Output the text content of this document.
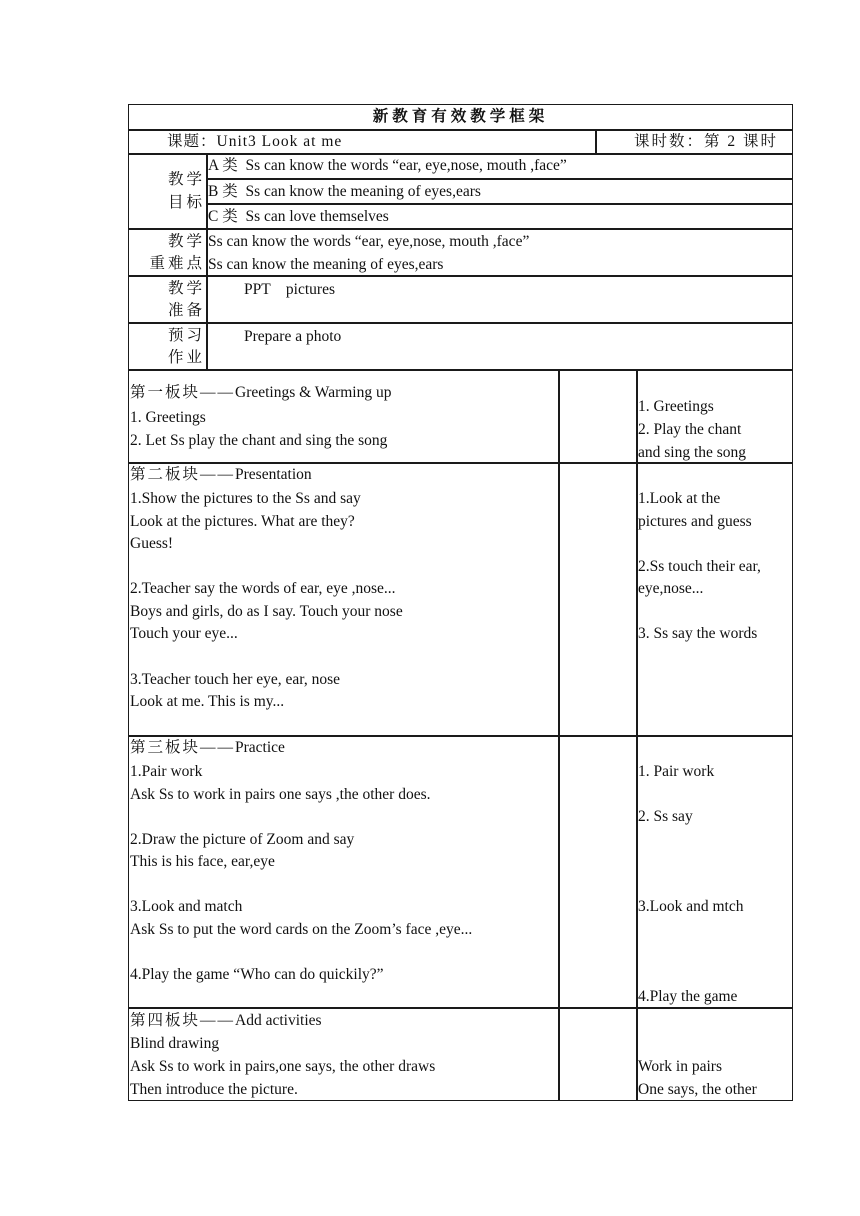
新教育有效教学框架
课题：Unit3 Look at me	课时数：第 2 课时
教学
目标
A 类  Ss can know the words “ear, eye,nose, mouth ,face”
B 类  Ss can know the meaning of eyes,ears
C 类  Ss can love themselves
教学
重难点
Ss can know the words “ear, eye,nose, mouth ,face”
Ss can know the meaning of eyes,ears
教学
准备
PPT    pictures
预习
作业
Prepare a photo
第一板块——Greetings & Warming up
1. Greetings
2. Let Ss play the chant and sing the song
1. Greetings
2. Play the chant
and sing the song
第二板块——Presentation
1.Show the pictures to the Ss and say
Look at the pictures. What are they?
Guess!
2.Teacher say the words of ear, eye ,nose...
Boys and girls, do as I say. Touch your nose
Touch your eye...
3.Teacher touch her eye, ear, nose
Look at me. This is my...
1.Look at the
pictures and guess
2.Ss touch their ear,
eye,nose...
3. Ss say the words
第三板块——Practice
1.Pair work
Ask Ss to work in pairs one says ,the other does.
2.Draw the picture of Zoom and say
This is his face, ear,eye
3.Look and match
Ask Ss to put the word cards on the Zoom’s face ,eye...
4.Play the game “Who can do quickily?”
1. Pair work
2. Ss say
3.Look and mtch
4.Play the game
第四板块——Add activities
Blind drawing
Ask Ss to work in pairs,one says, the other draws
Then introduce the picture.
Work in pairs
One says, the other
